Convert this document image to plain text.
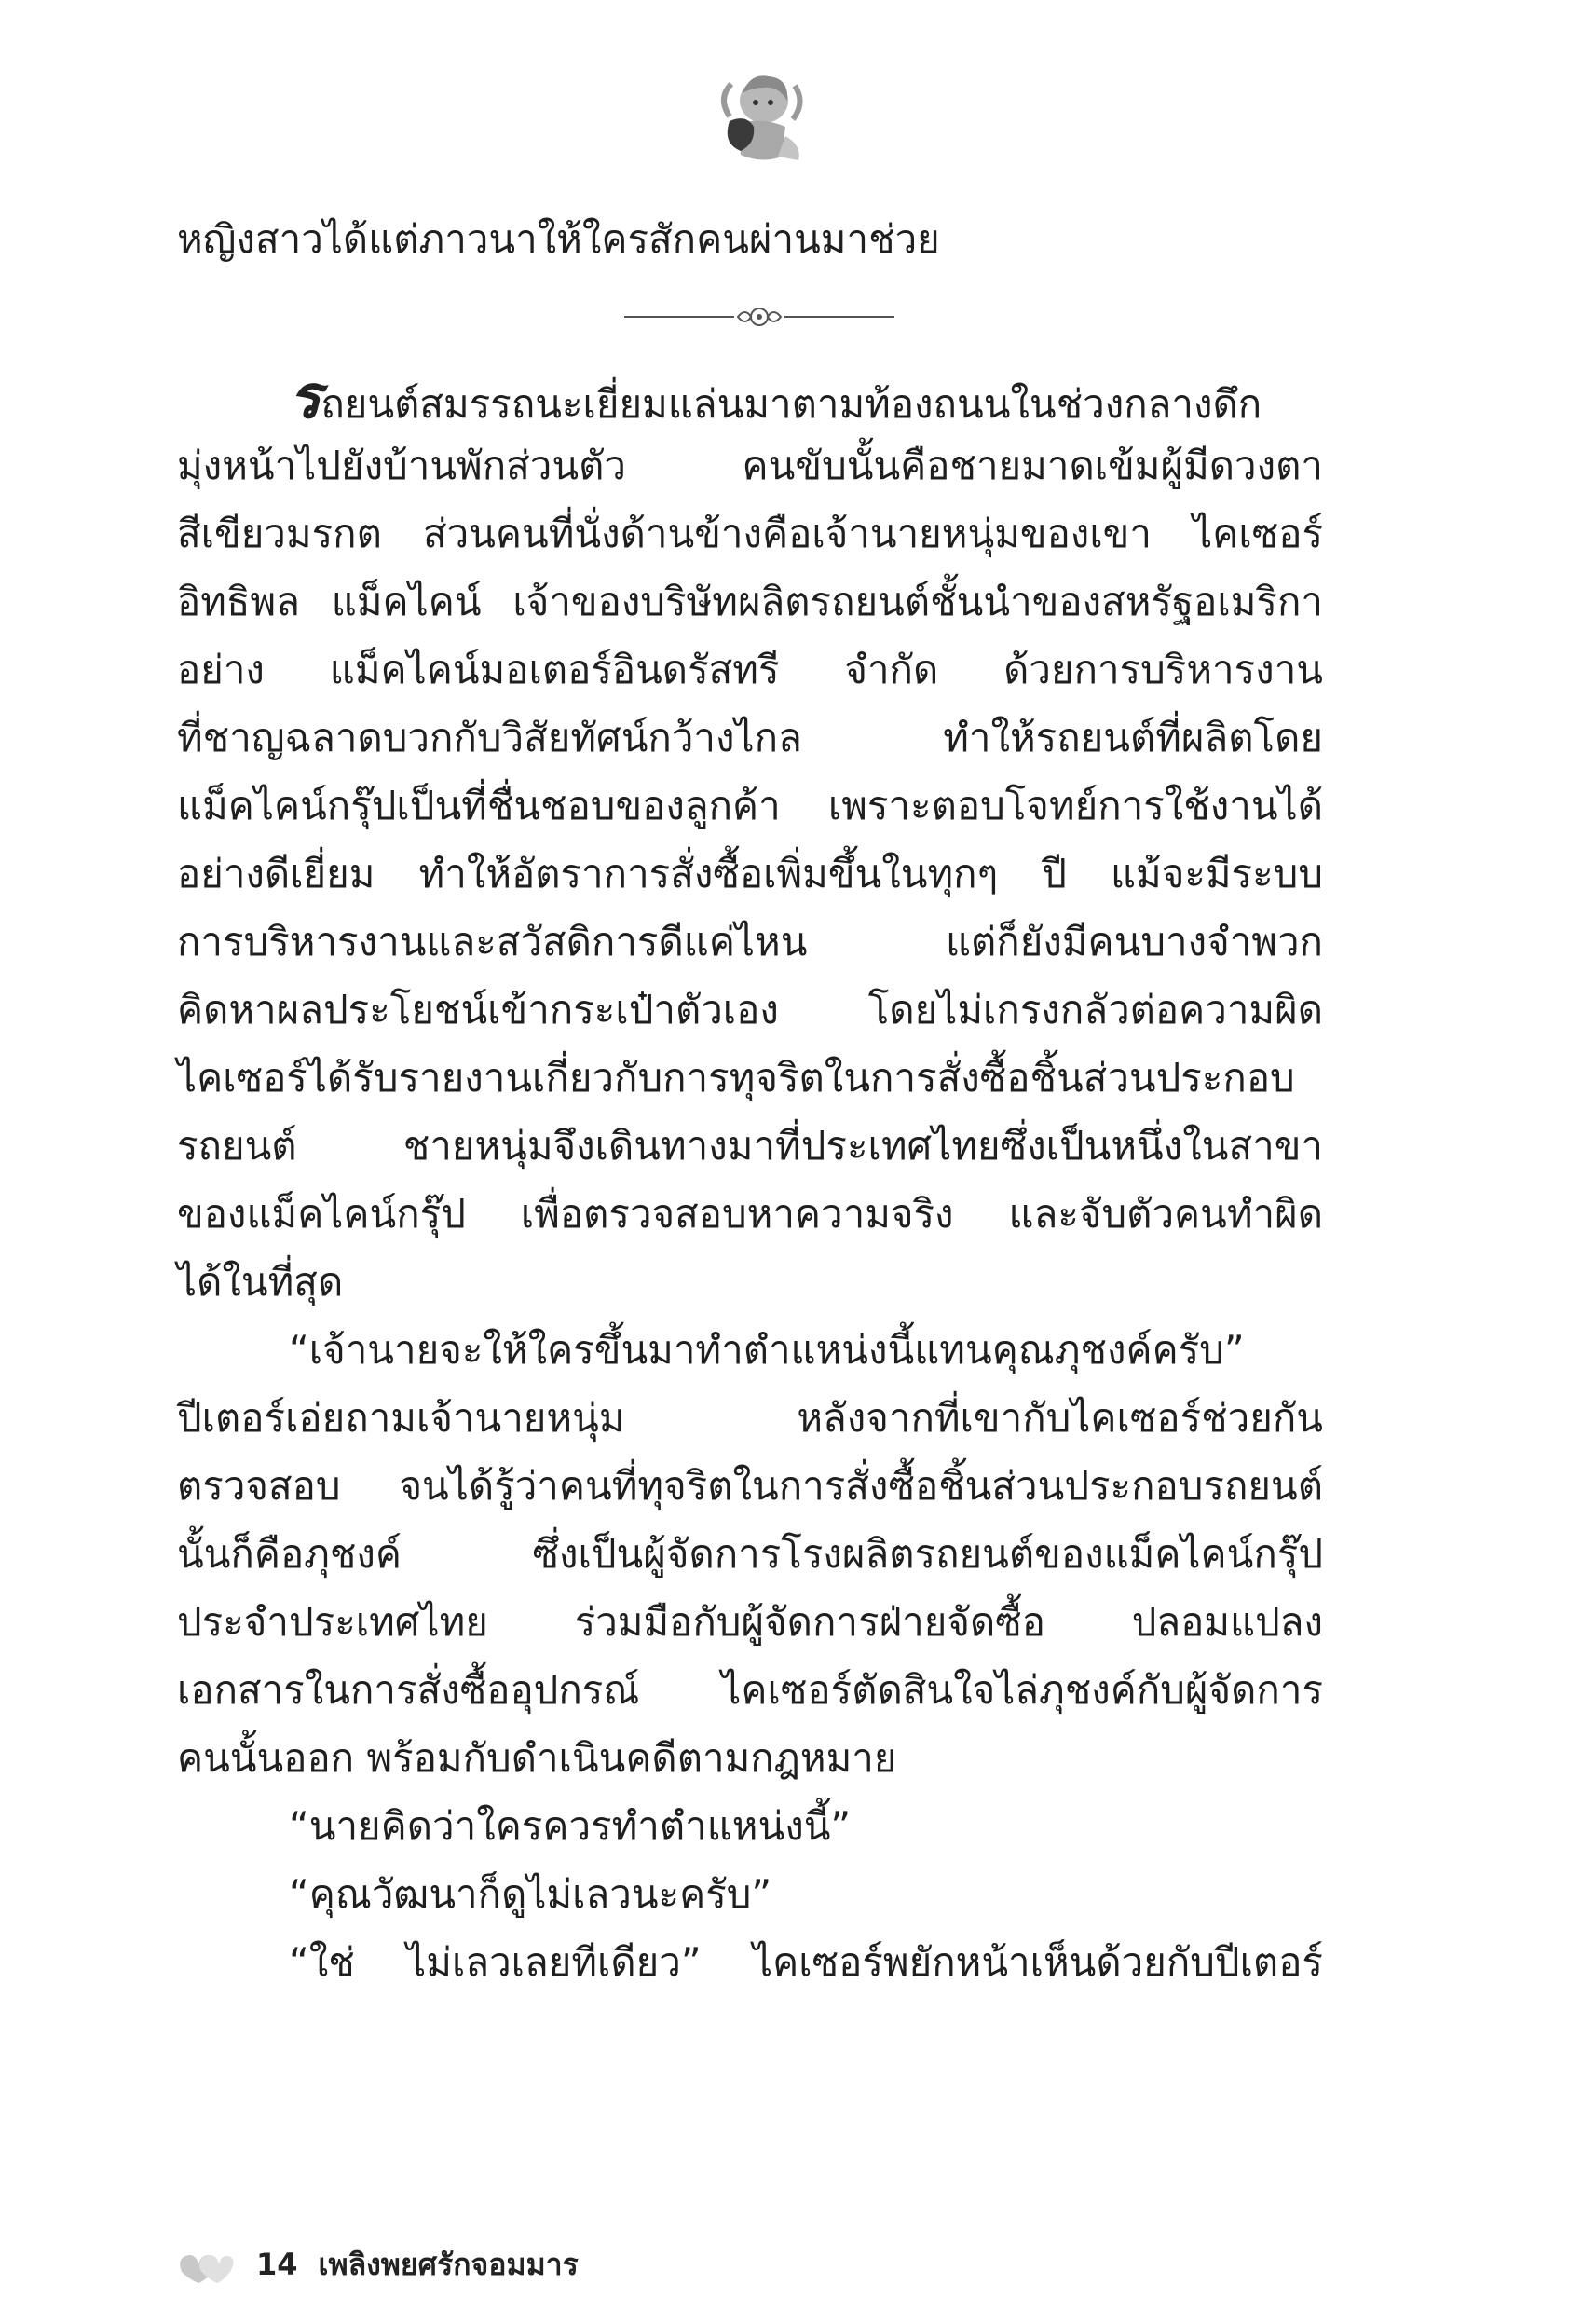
หญิงสาวได้แต่ภาวนาให้ใครสักคนผ่านมาช่วย
รถยนต์สมรรถนะเยี่ยมแล่นมาตามท้องถนนในช่วงกลางดึก
มุ่งหน้าไปยังบ้านพักส่วนตัว คนขับนั้นคือชายมาดเข้มผู้มีดวงตา
สีเขียวมรกต ส่วนคนที่นั่งด้านข้างคือเจ้านายหนุ่มของเขา ไคเซอร์
อิทธิพล แม็คไคน์ เจ้าของบริษัทผลิตรถยนต์ชั้นนำของสหรัฐอเมริกา
อย่าง แม็คไคน์มอเตอร์อินดรัสทรี จำกัด ด้วยการบริหารงาน
ที่ชาญฉลาดบวกกับวิสัยทัศน์กว้างไกล ทำให้รถยนต์ที่ผลิตโดย
แม็คไคน์กรุ๊ปเป็นที่ชื่นชอบของลูกค้า เพราะตอบโจทย์การใช้งานได้
อย่างดีเยี่ยม ทำให้อัตราการสั่งซื้อเพิ่มขึ้นในทุกๆ ปี แม้จะมีระบบ
การบริหารงานและสวัสดิการดีแค่ไหน แต่ก็ยังมีคนบางจำพวก
คิดหาผลประโยชน์เข้ากระเป๋าตัวเอง โดยไม่เกรงกลัวต่อความผิด
ไคเซอร์ได้รับรายงานเกี่ยวกับการทุจริตในการสั่งซื้อชิ้นส่วนประกอบ
รถยนต์ ชายหนุ่มจึงเดินทางมาที่ประเทศไทยซึ่งเป็นหนึ่งในสาขา
ของแม็คไคน์กรุ๊ป เพื่อตรวจสอบหาความจริง และจับตัวคนทำผิด
ได้ในที่สุด
“เจ้านายจะให้ใครขึ้นมาทำตำแหน่งนี้แทนคุณภุชงค์ครับ”
ปีเตอร์เอ่ยถามเจ้านายหนุ่ม หลังจากที่เขากับไคเซอร์ช่วยกัน
ตรวจสอบ จนได้รู้ว่าคนที่ทุจริตในการสั่งซื้อชิ้นส่วนประกอบรถยนต์
นั้นก็คือภุชงค์ ซึ่งเป็นผู้จัดการโรงผลิตรถยนต์ของแม็คไคน์กรุ๊ป
ประจำประเทศไทย ร่วมมือกับผู้จัดการฝ่ายจัดซื้อ ปลอมแปลง
เอกสารในการสั่งซื้ออุปกรณ์ ไคเซอร์ตัดสินใจไล่ภุชงค์กับผู้จัดการ
คนนั้นออก พร้อมกับดำเนินคดีตามกฎหมาย
“นายคิดว่าใครควรทำตำแหน่งนี้”
“คุณวัฒนาก็ดูไม่เลวนะครับ”
“ใช่ ไม่เลวเลยทีเดียว” ไคเซอร์พยักหน้าเห็นด้วยกับปีเตอร์
14 เพลิงพยศรักจอมมาร
